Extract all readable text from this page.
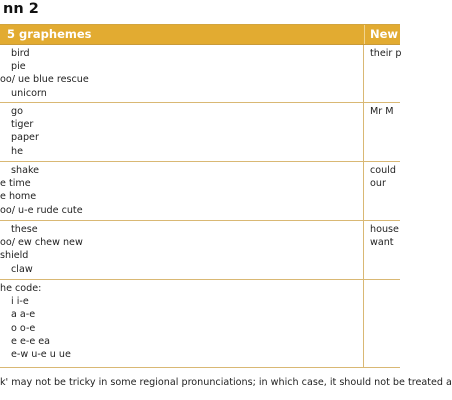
nn 2
5 graphemes	New
bird
pie
oo/ ue blue rescue
unicorn
their p
go
tiger
paper
he
Mr M
shake
e time
e home
oo/ u-e rude cute
could
our
these
oo/ ew chew new
shield
claw
house
want
he code:
i i-e
a a-e
o o-e
e e-e ea
e-w u-e u ue
k' may not be tricky in some regional pronunciations; in which case, it should not be treated a
